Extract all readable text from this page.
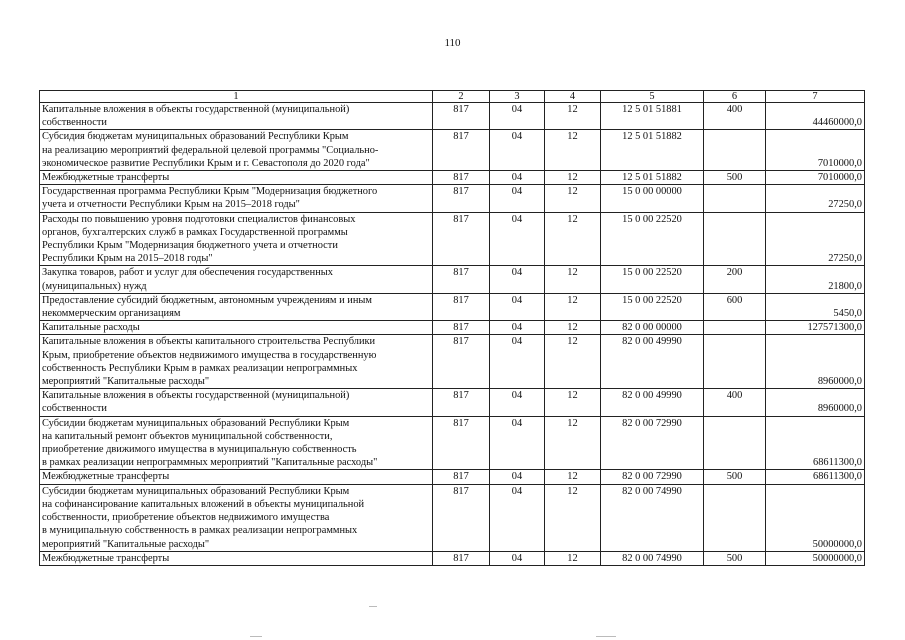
110
1	2	3	4	5	6	7

Капитальные вложения в объекты государственной (муниципальной)
собственности	817	04	12	12 5 01 51881	400	44460000,0

Субсидия бюджетам муниципальных образований Республики Крым
на реализацию мероприятий федеральной целевой программы "Социально-
экономическое развитие Республики Крым и г. Севастополя до 2020 года"	817	04	12	12 5 01 51882		7010000,0

Межбюджетные трансферты	817	04	12	12 5 01 51882	500	7010000,0

Государственная программа Республики Крым "Модернизация бюджетного
учета и отчетности Республики Крым на 2015–2018 годы"	817	04	12	15 0 00 00000		27250,0

Расходы по повышению уровня подготовки специалистов финансовых
органов, бухгалтерских служб в рамках Государственной программы
Республики Крым "Модернизация бюджетного учета и отчетности
Республики Крым на 2015–2018 годы"	817	04	12	15 0 00 22520		27250,0

Закупка товаров, работ и услуг для обеспечения государственных
(муниципальных) нужд	817	04	12	15 0 00 22520	200	21800,0

Предоставление субсидий бюджетным, автономным учреждениям и иным
некоммерческим организациям	817	04	12	15 0 00 22520	600	5450,0

Капитальные расходы	817	04	12	82 0 00 00000		127571300,0

Капитальные вложения в объекты капитального строительства Республики
Крым, приобретение объектов недвижимого имущества в государственную
собственность Республики Крым в рамках реализации непрограммных
мероприятий "Капитальные расходы"	817	04	12	82 0 00 49990		8960000,0

Капитальные вложения в объекты государственной (муниципальной)
собственности	817	04	12	82 0 00 49990	400	8960000,0

Субсидии бюджетам муниципальных образований Республики Крым
на капитальный ремонт объектов муниципальной собственности,
приобретение движимого имущества в муниципальную собственность
в рамках реализации непрограммных мероприятий "Капитальные расходы"	817	04	12	82 0 00 72990		68611300,0

Межбюджетные трансферты	817	04	12	82 0 00 72990	500	68611300,0

Субсидии бюджетам муниципальных образований Республики Крым
на софинансирование капитальных вложений в объекты муниципальной
собственности, приобретение объектов недвижимого имущества
в муниципальную собственность в рамках реализации непрограммных
мероприятий "Капитальные расходы"	817	04	12	82 0 00 74990		50000000,0

Межбюджетные трансферты	817	04	12	82 0 00 74990	500	50000000,0
